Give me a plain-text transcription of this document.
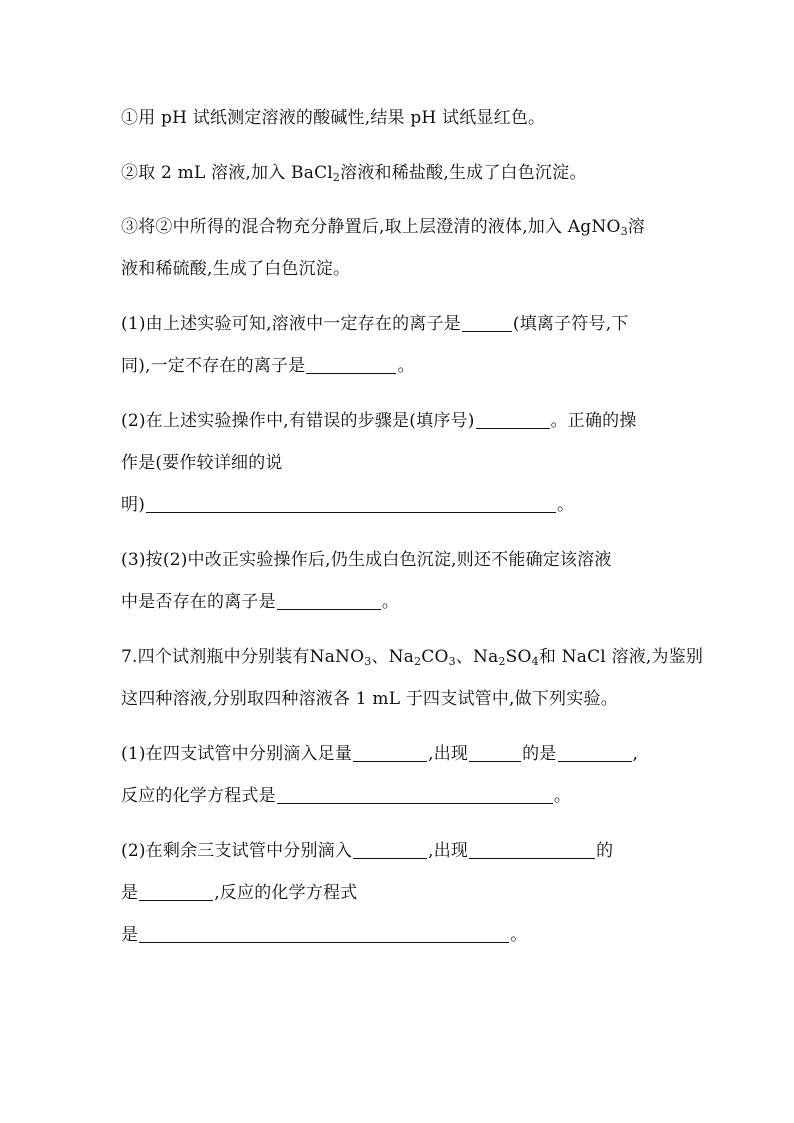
①用 pH 试纸测定溶液的酸碱性,结果 pH 试纸显红色。
②取 2 mL 溶液,加入 BaCl$_2$溶液和稀盐酸,生成了白色沉淀。
③将②中所得的混合物充分静置后,取上层澄清的液体,加入 AgNO$_3$溶
液和稀硫酸,生成了白色沉淀。
(1)由上述实验可知,溶液中一定存在的离子是	(填离子符号,下
同),一定不存在的离子是	。
(2)在上述实验操作中,有错误的步骤是(填序号)	。正确的操
作是(要作较详细的说
明)	。
(3)按(2)中改正实验操作后,仍生成白色沉淀,则还不能确定该溶液
中是否存在的离子是	。
7.四个试剂瓶中分别装有NaNO$_3$、$Na_2CO_3$、$Na_2SO_4$和 NaCl 溶液,为鉴别
这四种溶液,分别取四种溶液各 1 mL 于四支试管中,做下列实验。
(1)在四支试管中分别滴入足量	,出现	的是	,
反应的化学方程式是	。
(2)在剩余三支试管中分别滴入	,出现	的
是	,反应的化学方程式
是	。
